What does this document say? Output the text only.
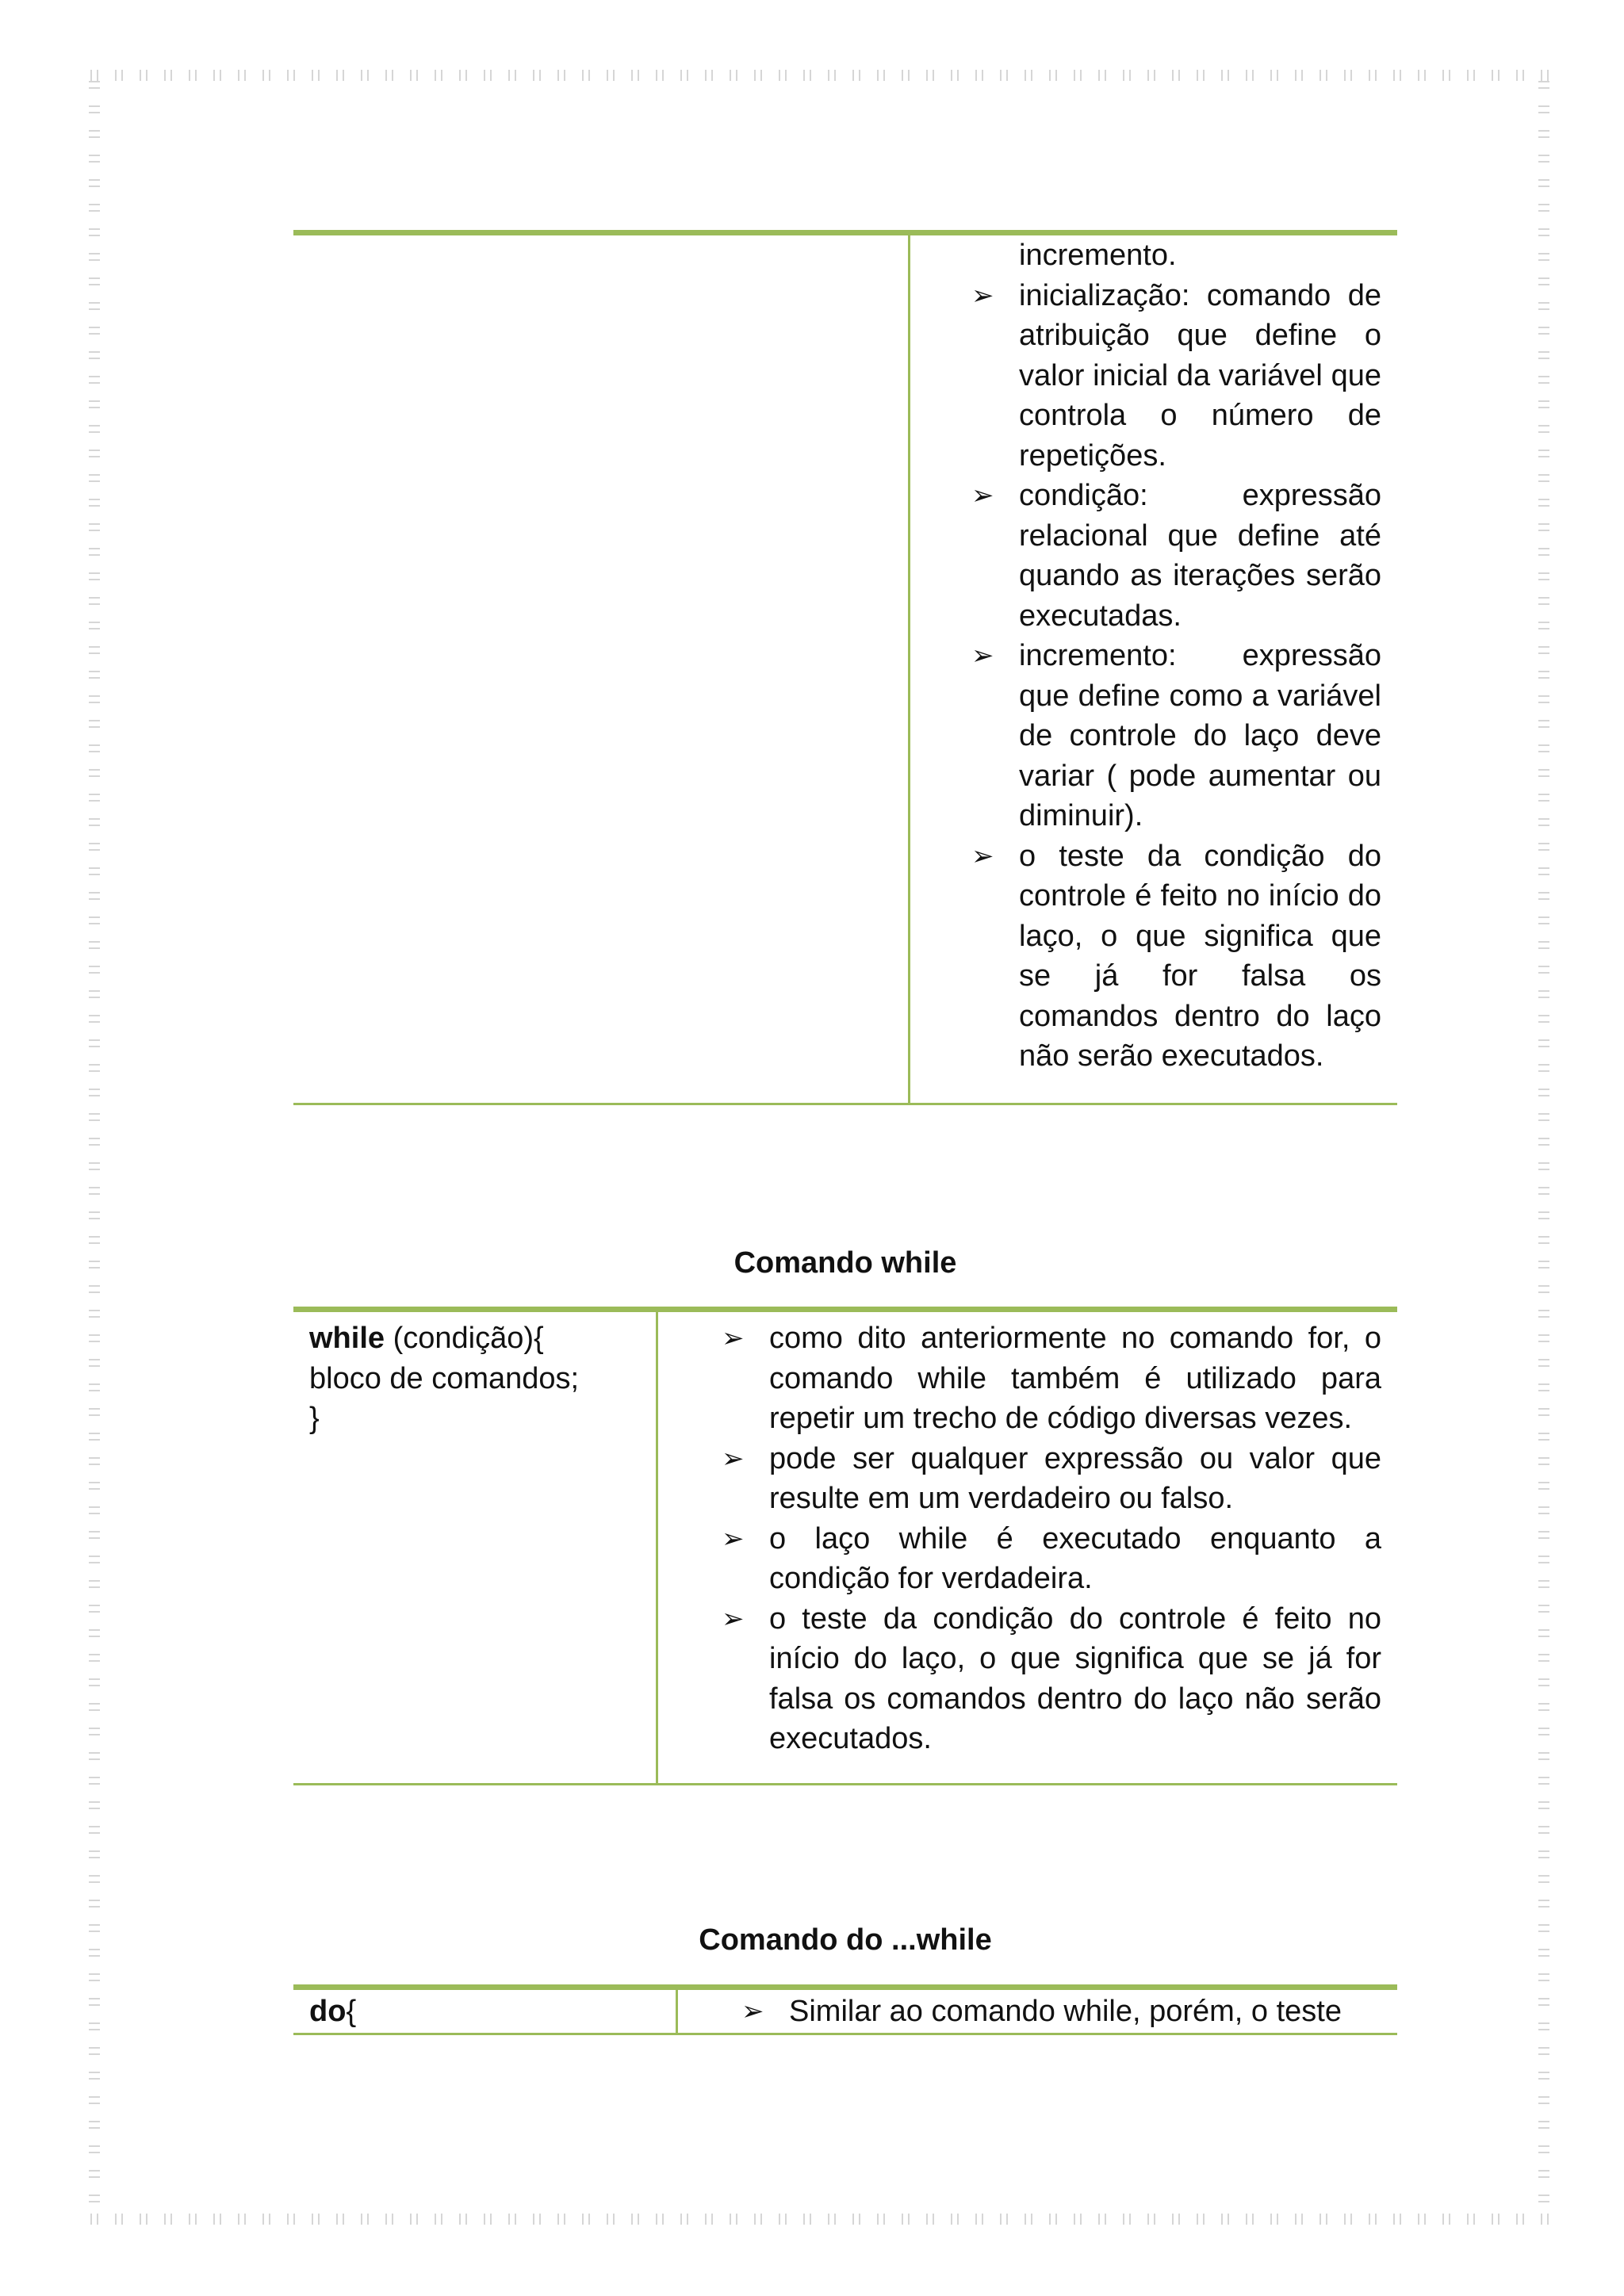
incremento.
➢ inicialização: comando de atribuição que define o valor inicial da variável que controla o número de repetições.
➢ condição: expressão relacional que define até quando as iterações serão executadas.
➢ incremento: expressão que define como a variável de controle do laço deve variar ( pode aumentar ou diminuir).
➢ o teste da condição do controle é feito no início do laço, o que significa que se já for falsa os comandos dentro do laço não serão executados.
Comando while
while (condição){
bloco de comandos;
}
➢ como dito anteriormente no comando for, o comando while também é utilizado para repetir um trecho de código diversas vezes.
➢ pode ser qualquer expressão ou valor que resulte em um verdadeiro ou falso.
➢ o laço while é executado enquanto a condição for verdadeira.
➢ o teste da condição do controle é feito no início do laço, o que significa que se já for falsa os comandos dentro do laço não serão executados.
Comando do ...while
do{	➢ Similar ao comando while, porém, o teste
